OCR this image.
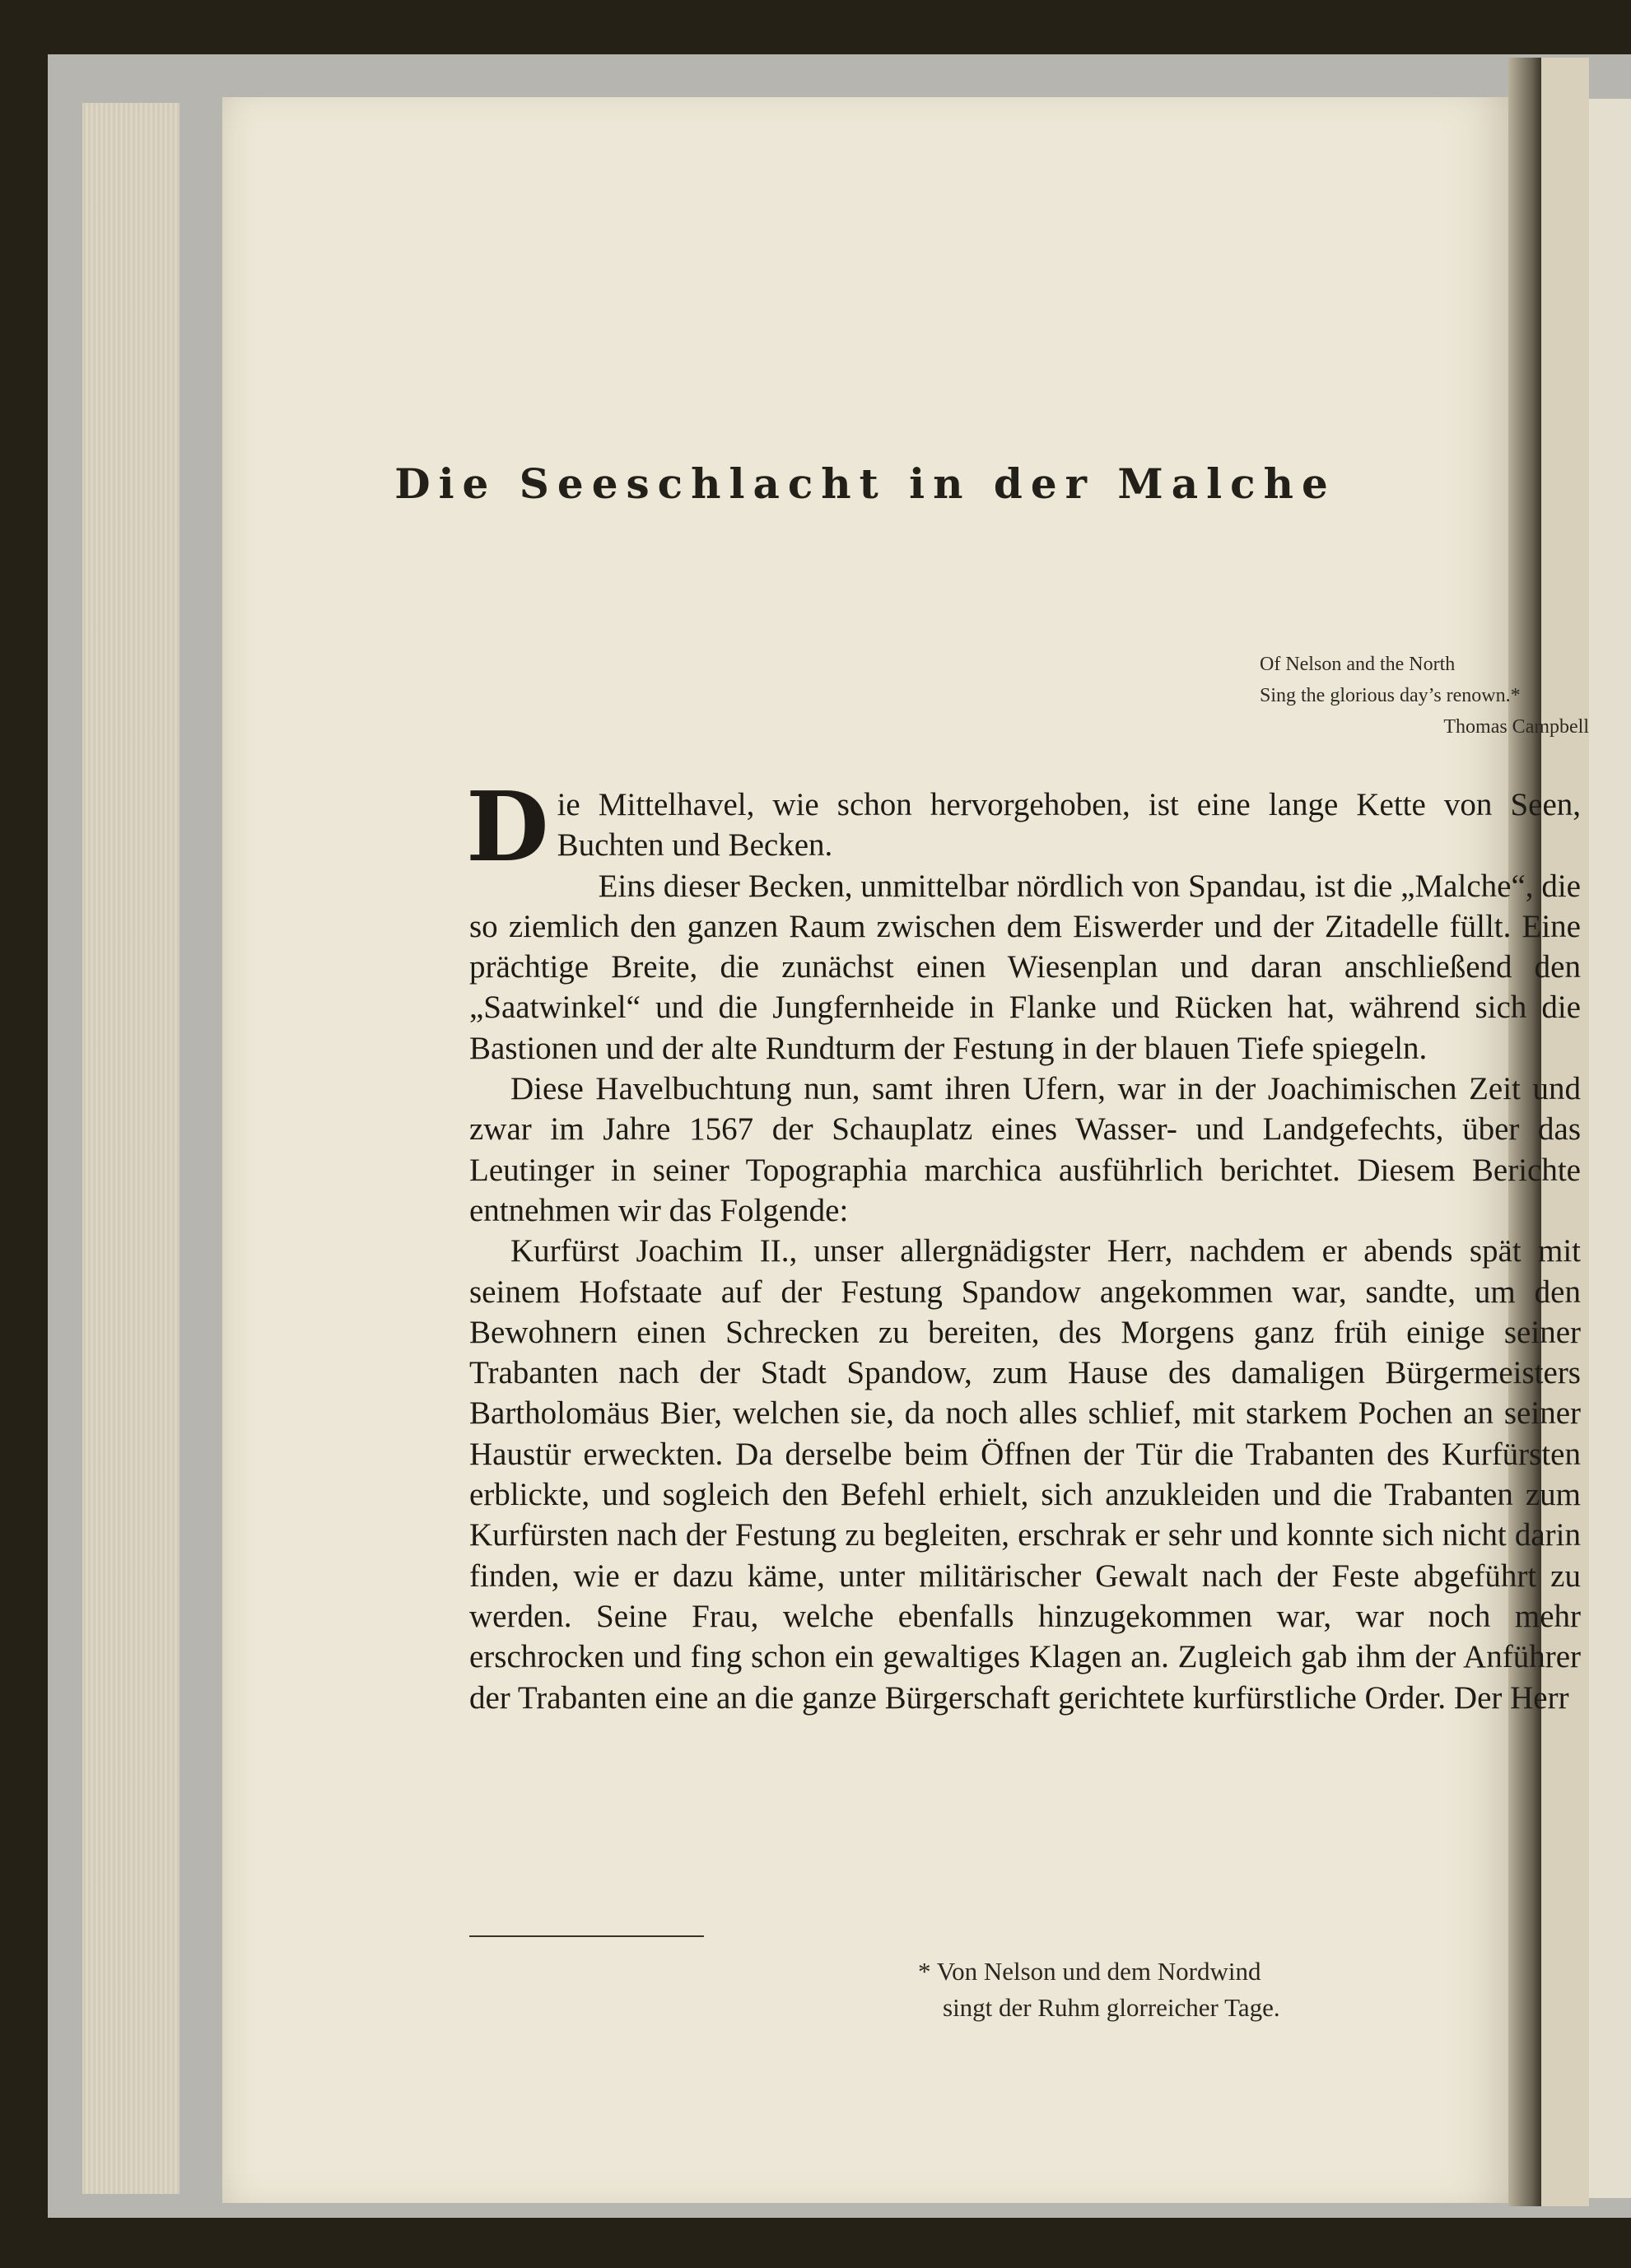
Die Seeschlacht in der Malche
Of Nelson and the North
Sing the glorious day’s renown.*
Thomas Campbell

Die Mittelhavel, wie schon hervorgehoben, ist eine lange Kette von Seen, Buchten und Becken.

Eins dieser Becken, unmittelbar nördlich von Spandau, ist die „Malche“, die so ziemlich den ganzen Raum zwischen dem Eiswerder und der Zitadelle füllt. Eine prächtige Breite, die zunächst einen Wiesenplan und daran anschließend den „Saatwinkel“ und die Jungfernheide in Flanke und Rücken hat, während sich die Bastionen und der alte Rundturm der Festung in der blauen Tiefe spiegeln.

Diese Havelbuchtung nun, samt ihren Ufern, war in der Joachimischen Zeit und zwar im Jahre 1567 der Schauplatz eines Wasser- und Landgefechts, über das Leutinger in seiner Topographia marchica ausführlich berichtet. Diesem Berichte entnehmen wir das Folgende:

Kurfürst Joachim II., unser allergnädigster Herr, nachdem er abends spät mit seinem Hofstaate auf der Festung Spandow angekommen war, sandte, um den Bewohnern einen Schrecken zu bereiten, des Morgens ganz früh einige seiner Trabanten nach der Stadt Spandow, zum Hause des damaligen Bürgermeisters Bartholomäus Bier, welchen sie, da noch alles schlief, mit starkem Pochen an seiner Haustür erweckten. Da derselbe beim Öffnen der Tür die Trabanten des Kurfürsten erblickte, und sogleich den Befehl erhielt, sich anzukleiden und die Trabanten zum Kurfürsten nach der Festung zu begleiten, erschrak er sehr und konnte sich nicht darin finden, wie er dazu käme, unter militärischer Gewalt nach der Feste abgeführt zu werden. Seine Frau, welche ebenfalls hinzugekommen war, war noch mehr erschrocken und fing schon ein gewaltiges Klagen an. Zugleich gab ihm der Anführer der Trabanten eine an die ganze Bürgerschaft gerichtete kurfürstliche Order. Der Herr

* Von Nelson und dem Nordwind
singt der Ruhm glorreicher Tage.
